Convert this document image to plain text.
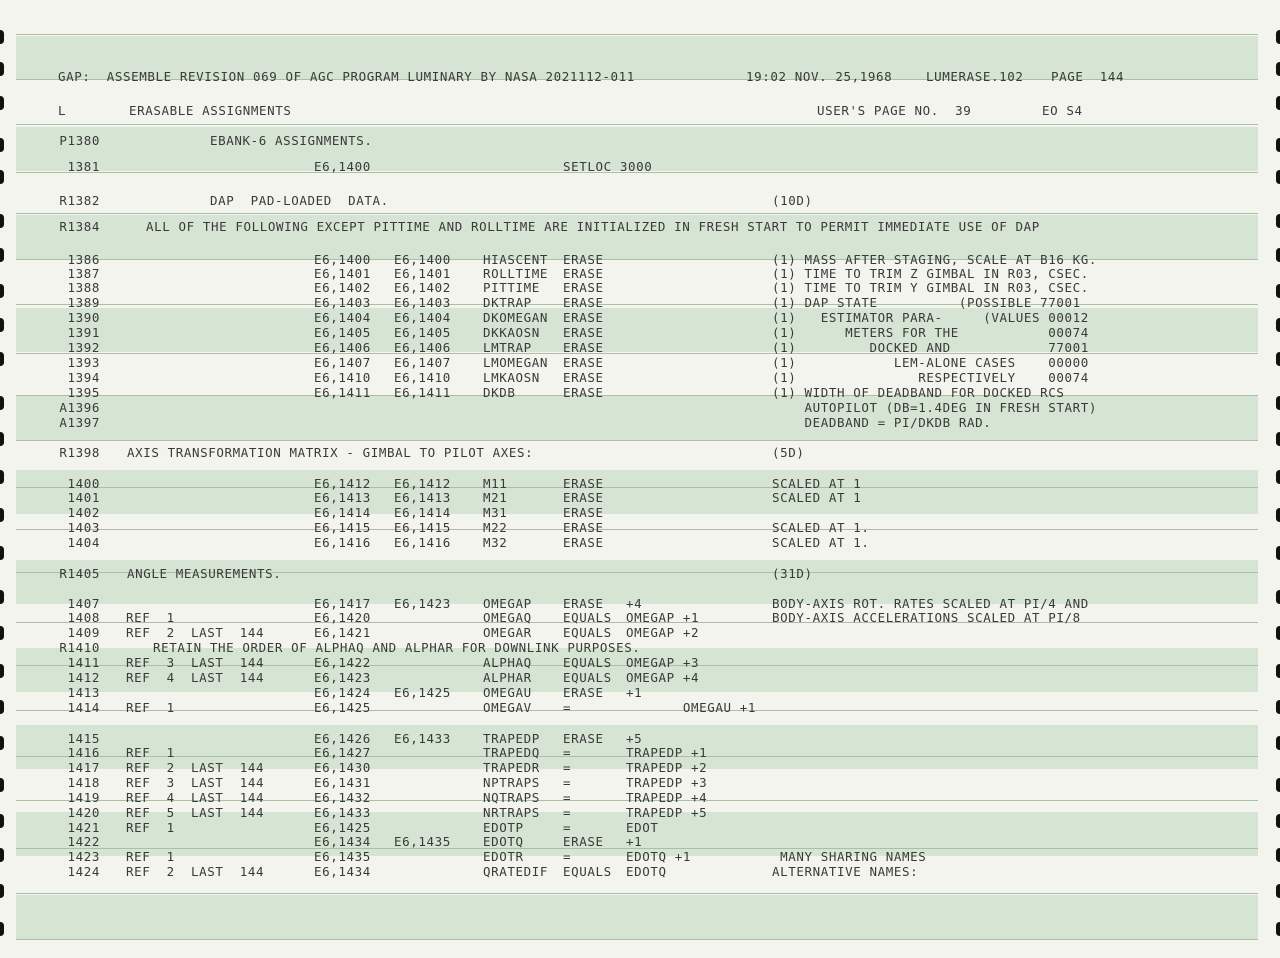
GAP:  ASSEMBLE REVISION 069 OF AGC PROGRAM LUMINARY BY NASA 2021112-011	19:02 NOV. 25,1968	LUMERASE.102 PAGE  144
L	ERASABLE ASSIGNMENTS	USER'S PAGE NO.  39	EO S4
P1380	EBANK-6 ASSIGNMENTS.
1381	E6,1400	SETLOC 3000
R1382	DAP  PAD-LOADED  DATA.	(10D)
R1384	ALL OF THE FOLLOWING EXCEPT PITTIME AND ROLLTIME ARE INITIALIZED IN FRESH START TO PERMIT IMMEDIATE USE OF DAP
1386	E6,1400 E6,1400	HIASCENT ERASE	(1) MASS AFTER STAGING, SCALE AT B16 KG.
1387	E6,1401 E6,1401	ROLLTIME ERASE	(1) TIME TO TRIM Z GIMBAL IN R03, CSEC.
1388	E6,1402 E6,1402	PITTIME ERASE	(1) TIME TO TRIM Y GIMBAL IN R03, CSEC.
1389	E6,1403 E6,1403	DKTRAP ERASE	(1) DAP STATE          (POSSIBLE 77001
1390	E6,1404 E6,1404	DKOMEGAN ERASE	(1)   ESTIMATOR PARA-     (VALUES 00012
1391	E6,1405 E6,1405	DKKAOSN ERASE	(1)      METERS FOR THE           00074
1392	E6,1406 E6,1406	LMTRAP ERASE	(1)         DOCKED AND            77001
1393	E6,1407 E6,1407	LMOMEGAN ERASE	(1)            LEM-ALONE CASES    00000
1394	E6,1410 E6,1410	LMKAOSN ERASE	(1)               RESPECTIVELY    00074
1395	E6,1411 E6,1411	DKDB	ERASE	(1) WIDTH OF DEADBAND FOR DOCKED RCS
A1396	AUTOPILOT (DB=1.4DEG IN FRESH START)
A1397	DEADBAND = PI/DKDB RAD.
R1398 AXIS TRANSFORMATION MATRIX - GIMBAL TO PILOT AXES:	(5D)
1400	E6,1412 E6,1412	M11	ERASE	SCALED AT 1
1401	E6,1413 E6,1413	M21	ERASE	SCALED AT 1
1402	E6,1414 E6,1414	M31	ERASE
1403	E6,1415 E6,1415	M22	ERASE	SCALED AT 1.
1404	E6,1416 E6,1416	M32	ERASE	SCALED AT 1.
R1405 ANGLE MEASUREMENTS.	(31D)
1407	E6,1417 E6,1423	OMEGAP ERASE +4	BODY-AXIS ROT. RATES SCALED AT PI/4 AND
1408 REF  1	E6,1420	OMEGAQ EQUALS OMEGAP +1	BODY-AXIS ACCELERATIONS SCALED AT PI/8
1409 REF  2  LAST  144	E6,1421	OMEGAR EQUALS OMEGAP +2
R1410	RETAIN THE ORDER OF ALPHAQ AND ALPHAR FOR DOWNLINK PURPOSES.
1411 REF  3  LAST  144	E6,1422	ALPHAQ EQUALS OMEGAP +3
1412 REF  4  LAST  144	E6,1423	ALPHAR EQUALS OMEGAP +4
1413	E6,1424 E6,1425	OMEGAU ERASE +1
1414 REF  1	E6,1425	OMEGAV =	OMEGAU +1
1415	E6,1426 E6,1433	TRAPEDP ERASE +5
1416 REF  1	E6,1427	TRAPEDQ =	TRAPEDP +1
1417 REF  2  LAST  144	E6,1430	TRAPEDR =	TRAPEDP +2
1418 REF  3  LAST  144	E6,1431	NPTRAPS =	TRAPEDP +3
1419 REF  4  LAST  144	E6,1432	NQTRAPS =	TRAPEDP +4
1420 REF  5  LAST  144	E6,1433	NRTRAPS =	TRAPEDP +5
1421 REF  1	E6,1425	EDOTP	=	EDOT
1422	E6,1434 E6,1435	EDOTQ	ERASE +1
1423 REF  1	E6,1435	EDOTR	=	EDOTQ +1	MANY SHARING NAMES
1424 REF  2  LAST  144	E6,1434	QRATEDIF EQUALS EDOTQ	ALTERNATIVE NAMES:
